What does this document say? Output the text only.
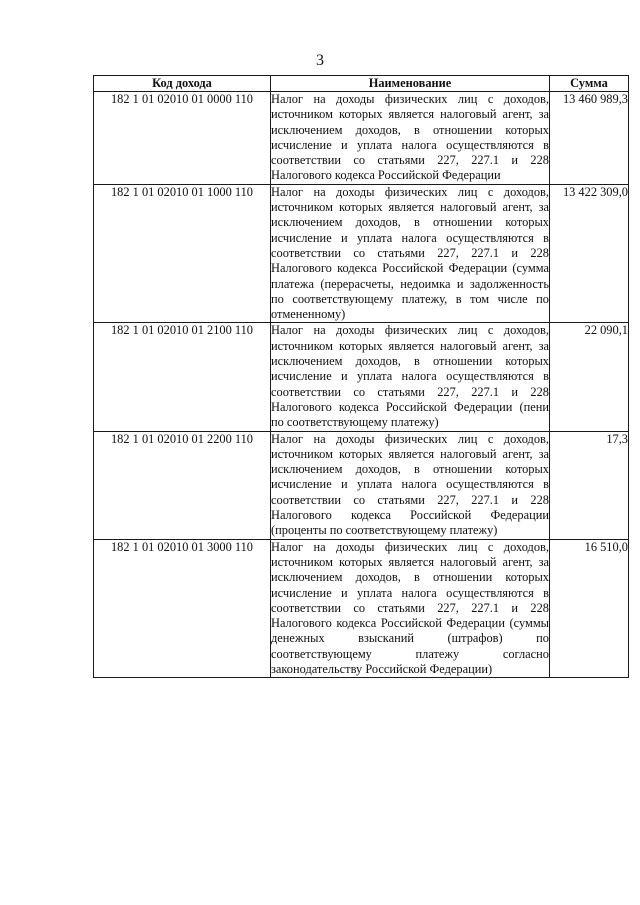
3
Код дохода	Наименование	Сумма
182 1 01 02010 01 0000 110	Налог на доходы физических лиц с доходов, источником которых является налоговый агент, за исключением доходов, в отношении которых исчисление и уплата налога осуществляются в соответствии со статьями 227, 227.1 и 228 Налогового кодекса Российской Федерации	13 460 989,3
182 1 01 02010 01 1000 110	Налог на доходы физических лиц с доходов, источником которых является налоговый агент, за исключением доходов, в отношении которых исчисление и уплата налога осуществляются в соответствии со статьями 227, 227.1 и 228 Налогового кодекса Российской Федерации (сумма платежа (перерасчеты, недоимка и задолженность по соответствующему платежу, в том числе по отмененному)	13 422 309,0
182 1 01 02010 01 2100 110	Налог на доходы физических лиц с доходов, источником которых является налоговый агент, за исключением доходов, в отношении которых исчисление и уплата налога осуществляются в соответствии со статьями 227, 227.1 и 228 Налогового кодекса Российской Федерации (пени по соответствующему платежу)	22 090,1
182 1 01 02010 01 2200 110	Налог на доходы физических лиц с доходов, источником которых является налоговый агент, за исключением доходов, в отношении которых исчисление и уплата налога осуществляются в соответствии со статьями 227, 227.1 и 228 Налогового кодекса Российской Федерации (проценты по соответствующему платежу)	17,3
182 1 01 02010 01 3000 110	Налог на доходы физических лиц с доходов, источником которых является налоговый агент, за исключением доходов, в отношении которых исчисление и уплата налога осуществляются в соответствии со статьями 227, 227.1 и 228 Налогового кодекса Российской Федерации (суммы денежных взысканий (штрафов) по соответствующему платежу согласно законодательству Российской Федерации)	16 510,0
